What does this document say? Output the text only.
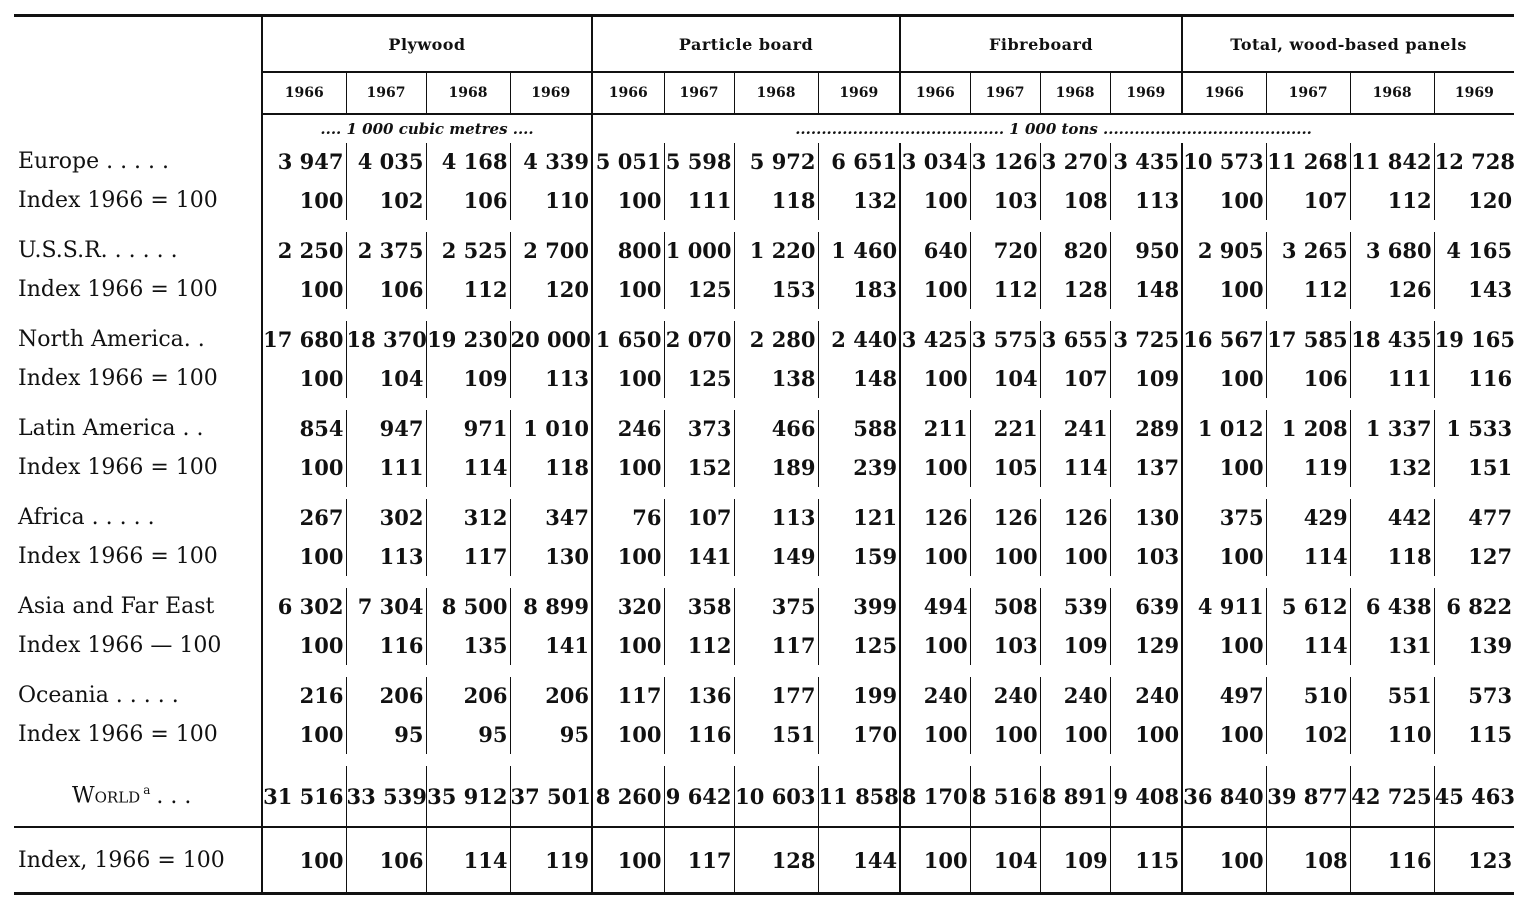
	Plywood				Particle board				Fibreboard				Total, wood-based panels			
	1966	1967	1968	1969	1966	1967	1968	1969	1966	1967	1968	1969	1966	1967	1968	1969
	.... 1 000 cubic metres ....				........................................ 1 000 tons ........................................											
Europe . . . . .	3 947	4 035	4 168	4 339	5 051	5 598	5 972	6 651	3 034	3 126	3 270	3 435	10 573	11 268	11 842	12 728
Index 1966 = 100	100	102	106	110	100	111	118	132	100	103	108	113	100	107	112	120

U.S.S.R. . . . . .	2 250	2 375	2 525	2 700	800	1 000	1 220	1 460	640	720	820	950	2 905	3 265	3 680	4 165
Index 1966 = 100	100	106	112	120	100	125	153	183	100	112	128	148	100	112	126	143

North America. .	17 680	18 370	19 230	20 000	1 650	2 070	2 280	2 440	3 425	3 575	3 655	3 725	16 567	17 585	18 435	19 165
Index 1966 = 100	100	104	109	113	100	125	138	148	100	104	107	109	100	106	111	116

Latin America . .	854	947	971	1 010	246	373	466	588	211	221	241	289	1 012	1 208	1 337	1 533
Index 1966 = 100	100	111	114	118	100	152	189	239	100	105	114	137	100	119	132	151

Africa . . . . .	267	302	312	347	76	107	113	121	126	126	126	130	375	429	442	477
Index 1966 = 100	100	113	117	130	100	141	149	159	100	100	100	103	100	114	118	127

Asia and Far East	6 302	7 304	8 500	8 899	320	358	375	399	494	508	539	639	4 911	5 612	6 438	6 822
Index 1966 — 100	100	116	135	141	100	112	117	125	100	103	109	129	100	114	131	139

Oceania . . . . .	216	206	206	206	117	136	177	199	240	240	240	240	497	510	551	573
Index 1966 = 100	100	95	95	95	100	116	151	170	100	100	100	100	100	102	110	115

World $^a$ . . .	31 516	33 539	35 912	37 501	8 260	9 642	10 603	11 858	8 170	8 516	8 891	9 408	36 840	39 877	42 725	45 463
Index, 1966 = 100	100	106	114	119	100	117	128	144	100	104	109	115	100	108	116	123
